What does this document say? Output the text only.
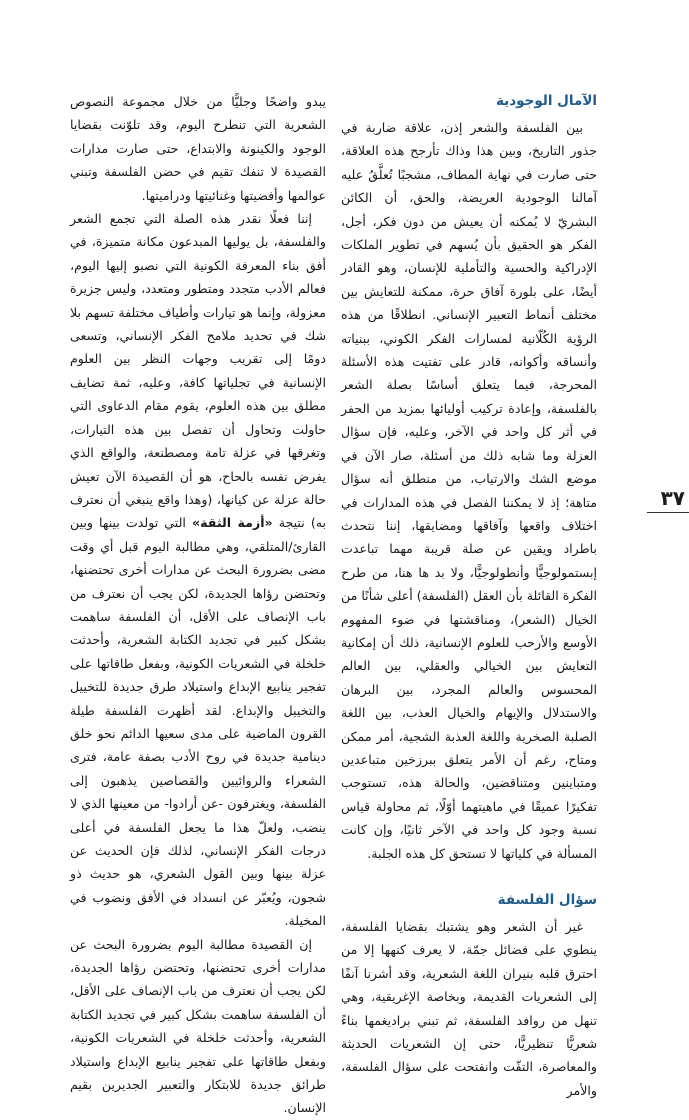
الآمال الوجودية

بين الفلسفة والشعر إذن، علاقة ضاربة في جذور التاريخ، وبين هذا وذاك تأرجح هذه العلاقة، حتى صارت في نهاية المطاف، مشجبًا تُعلَّقُ عليه آمالنا الوجودية العريضة، والحق، أن الكائن البشريّ لا يُمكنه أن يعيش من دون فكر، أجل، الفكر هو الحقيق بأن يُسهم في تطوير الملكات الإدراكية والحسية والتأملية للإنسان، وهو القادر أيضًا، على بلورة آفاق حرة، ممكنة للتعايش بين مختلف أنماط التعبير الإنساني. انطلاقًا من هذه الرؤية الكُلّانية لمسارات الفكر الكوني، ببنياته وأنساقه وأكوانه، قادر على تفتيت هذه الأسئلة المحرجة، فيما يتعلق أساسًا بصلة الشعر بالفلسفة، وإعادة تركيب أوليائها بمزيد من الحفر في أثر كل واحد في الآخر، وعليه، فإن سؤال العزلة وما شابه ذلك من أسئلة، صار الآن في موضع الشك والارتياب، من منطلق أنه سؤال متاهة؛ إذ لا يمكننا الفصل في هذه المدارات في اختلاف واقعها وآفاقها ومضايقها، إننا نتحدث باطراد ويقين عن صلة قريبة مهما تباعدت إبستمولوجيًّا وأنطولوجيًّا، ولا بد ها هنا، من طرح الفكرة القائلة بأن العقل (الفلسفة) أعلى شأنًا من الخيال (الشعر)، ومناقشتها في ضوء المفهوم الأوسع والأرحب للعلوم الإنسانية، ذلك أن إمكانية التعايش بين الخيالي والعقلي، بين العالم المحسوس والعالم المجرد، بين البرهان والاستدلال والإيهام والخيال العذب، بين اللغة الصلبة الصخرية واللغة العذبة الشجية، أمر ممكن ومتاح، رغم أن الأمر يتعلق ببرزخين متباعدين ومتباينين ومتناقضين، والحالة هذه، تستوجب تفكيرًا عميقًا في ماهيتهما أوّلًا، ثم محاولة قياس نسبة وجود كل واحد في الآخر ثانيًا، وإن كانت المسألة في كلياتها لا تستحق كل هذه الجلبة.

سؤال الفلسفة

غير أن الشعر وهو يشتبك بقضايا الفلسفة، ينطوي على فضائل جمّة، لا يعرف كنهها إلا من احترق قلبه بنيران اللغة الشعرية، وقد أشرنا آنفًا إلى الشعريات القديمة، وبخاصة الإغريقية، وهي تنهل من روافد الفلسفة، ثم تبني براديغمها بناءً شعريًّا تنظيريًّا، حتى إن الشعريات الحديثة والمعاصرة، التفّت وانفتحت على سؤال الفلسفة، والأمر

يبدو واضحًا وجليًّا من خلال مجموعة النصوص الشعرية التي تنطرح اليوم، وقد تلوّنت بقضايا الوجود والكينونة والابتداع، حتى صارت مدارات القصيدة لا تنفك تقيم في حضن الفلسفة وتبني عوالمها وأفضيتها وغنائيتها ودراميتها.

إننا فعلًا نقدر هذه الصلة التي تجمع الشعر والفلسفة، بل يوليها المبدعون مكانة متميزة، في أفق بناء المعرفة الكونية التي نصبو إليها اليوم، فعالم الأدب متجدد ومتطور ومتعدد، وليس جزيرة معزولة، وإنما هو تيارات وأطياف مختلفة تسهم بلا شك في تحديد ملامح الفكر الإنساني، وتسعى دومًا إلى تقريب وجهات النظر بين العلوم الإنسانية في تجلياتها كافة، وعليه، ثمة تضايف مطلق بين هذه العلوم، يقوم مقام الدعاوى التي حاولت وتحاول أن تفصل بين هذه التيارات، وتغرقها في عزلة تامة ومصطنعة، والواقع الذي يفرض نفسه بالحاح، هو أن القصيدة الآن تعيش حالة عزلة عن كيانها، (وهذا واقع ينبغي أن نعترف به) نتيجة «أزمة الثقة» التي تولدت بينها وبين القارئ/المتلقي، وهي مطالبة اليوم قبل أي وقت مضى بضرورة البحث عن مدارات أخرى تحتضنها، وتحتضن رؤاها الجديدة، لكن يجب أن نعترف من باب الإنصاف على الأقل، أن الفلسفة ساهمت بشكل كبير في تجديد الكتابة الشعرية، وأحدثت خلخلة في الشعريات الكونية، وبفعل طاقاتها على تفجير ينابيع الإبداع واستيلاد طرق جديدة للتخييل والتخييل والإبداع. لقد أظهرت الفلسفة طيلة القرون الماضية على مدى سعيها الدائم نحو خلق دينامية جديدة في روح الأدب بصفة عامة، فترى الشعراء والروائيين والقصاصين يذهبون إلى الفلسفة، ويغترفون -عن أرادوا- من معينها الذي لا ينضب، ولعلّ هذا ما يجعل الفلسفة في أعلى درجات الفكر الإنساني، لذلك فإن الحديث عن عزلة بينها وبين القول الشعري، هو حديث ذو شجون، ويُعبّر عن انسداد في الأفق ونضوب في المخيلة.

إن القصيدة مطالبة اليوم بضرورة البحث عن مدارات أخرى تحتضنها، وتحتضن رؤاها الجديدة، لكن يجب أن نعترف من باب الإنصاف على الأقل، أن الفلسفة ساهمت بشكل كبير في تجديد الكتابة الشعرية، وأحدثت خلخلة في الشعريات الكونية، وبفعل طاقاتها على تفجير ينابيع الإبداع واستيلاد طرائق جديدة للابتكار والتعبير الجديرين بقيم الإنسان.

٣٧
